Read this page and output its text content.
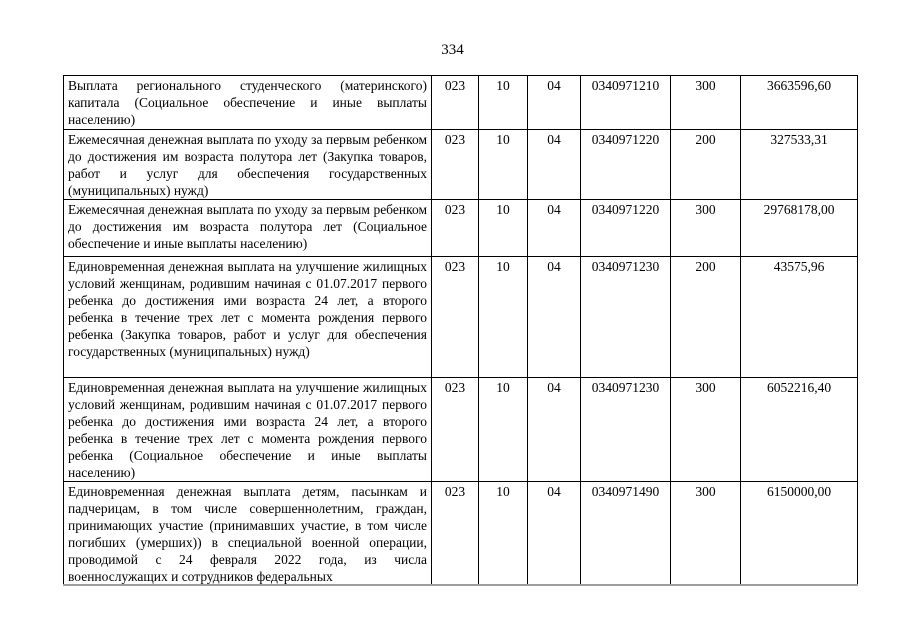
334
Выплата регионального студенческого (материнского) капитала (Социальное обеспечение и иные выплаты населению)	023	10	04	0340971210	300	3663596,60
Ежемесячная денежная выплата по уходу за первым ребенком до достижения им возраста полутора лет (Закупка товаров, работ и услуг для обеспечения государственных (муниципальных) нужд)	023	10	04	0340971220	200	327533,31
Ежемесячная денежная выплата по уходу за первым ребенком до достижения им возраста полутора лет (Социальное обеспечение и иные выплаты населению)	023	10	04	0340971220	300	29768178,00
Единовременная денежная выплата на улучшение жилищных условий женщинам, родившим начиная с 01.07.2017 первого ребенка до достижения ими возраста 24 лет, а второго ребенка в течение трех лет с момента рождения первого ребенка (Закупка товаров, работ и услуг для обеспечения государственных (муниципальных) нужд)	023	10	04	0340971230	200	43575,96
Единовременная денежная выплата на улучшение жилищных условий женщинам, родившим начиная с 01.07.2017 первого ребенка до достижения ими возраста 24 лет, а второго ребенка в течение трех лет с момента рождения первого ребенка (Социальное обеспечение и иные выплаты населению)	023	10	04	0340971230	300	6052216,40
Единовременная денежная выплата детям, пасынкам и падчерицам, в том числе совершеннолетним, граждан, принимающих участие (принимавших участие, в том числе погибших (умерших)) в специальной военной операции, проводимой с 24 февраля 2022 года, из числа военнослужащих и сотрудников федеральных	023	10	04	0340971490	300	6150000,00
